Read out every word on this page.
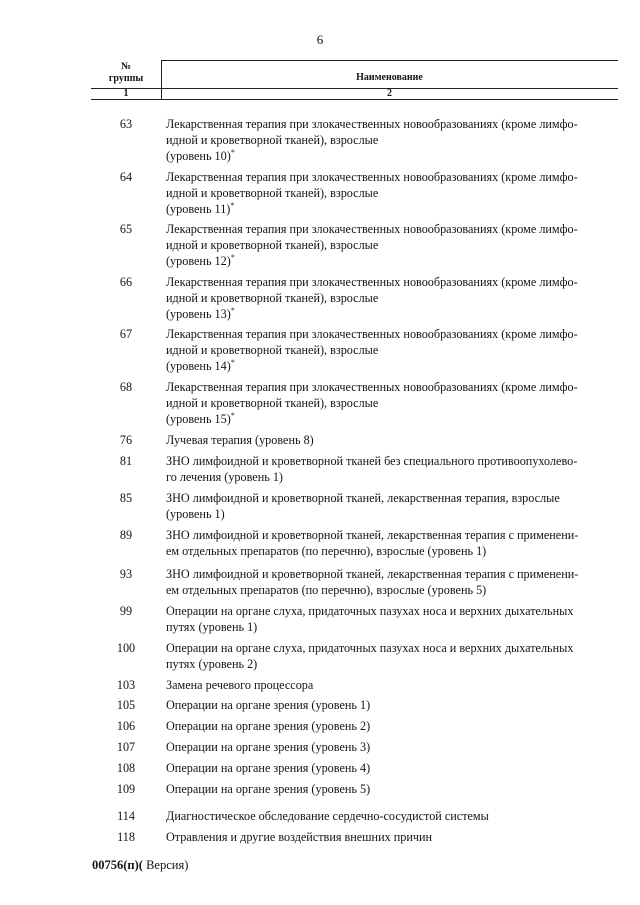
6
№
группы	Наименование
1	2
63	Лекарственная терапия при злокачественных новообразованиях (кроме лимфо-
идной и кроветворной тканей), взрослые
(уровень 10)*
64	Лекарственная терапия при злокачественных новообразованиях (кроме лимфо-
идной и кроветворной тканей), взрослые
(уровень 11)*
65	Лекарственная терапия при злокачественных новообразованиях (кроме лимфо-
идной и кроветворной тканей), взрослые
(уровень 12)*
66	Лекарственная терапия при злокачественных новообразованиях (кроме лимфо-
идной и кроветворной тканей), взрослые
(уровень 13)*
67	Лекарственная терапия при злокачественных новообразованиях (кроме лимфо-
идной и кроветворной тканей), взрослые
(уровень 14)*
68	Лекарственная терапия при злокачественных новообразованиях (кроме лимфо-
идной и кроветворной тканей), взрослые
(уровень 15)*
76	Лучевая терапия (уровень 8)
81	ЗНО лимфоидной и кроветворной тканей без специального противоопухолево-
го лечения (уровень 1)
85	ЗНО лимфоидной и кроветворной тканей, лекарственная терапия, взрослые
(уровень 1)
89	ЗНО лимфоидной и кроветворной тканей, лекарственная терапия с применени-
ем отдельных препаратов (по перечню), взрослые (уровень 1)
93	ЗНО лимфоидной и кроветворной тканей, лекарственная терапия с применени-
ем отдельных препаратов (по перечню), взрослые (уровень 5)
99	Операции на органе слуха, придаточных пазухах носа и верхних дыхательных
путях (уровень 1)
100	Операции на органе слуха, придаточных пазухах носа и верхних дыхательных
путях (уровень 2)
103	Замена речевого процессора
105	Операции на органе зрения (уровень 1)
106	Операции на органе зрения (уровень 2)
107	Операции на органе зрения (уровень 3)
108	Операции на органе зрения (уровень 4)
109	Операции на органе зрения (уровень 5)
114	Диагностическое обследование сердечно-сосудистой системы
118	Отравления и другие воздействия внешних причин
00756(п)( Версия)
